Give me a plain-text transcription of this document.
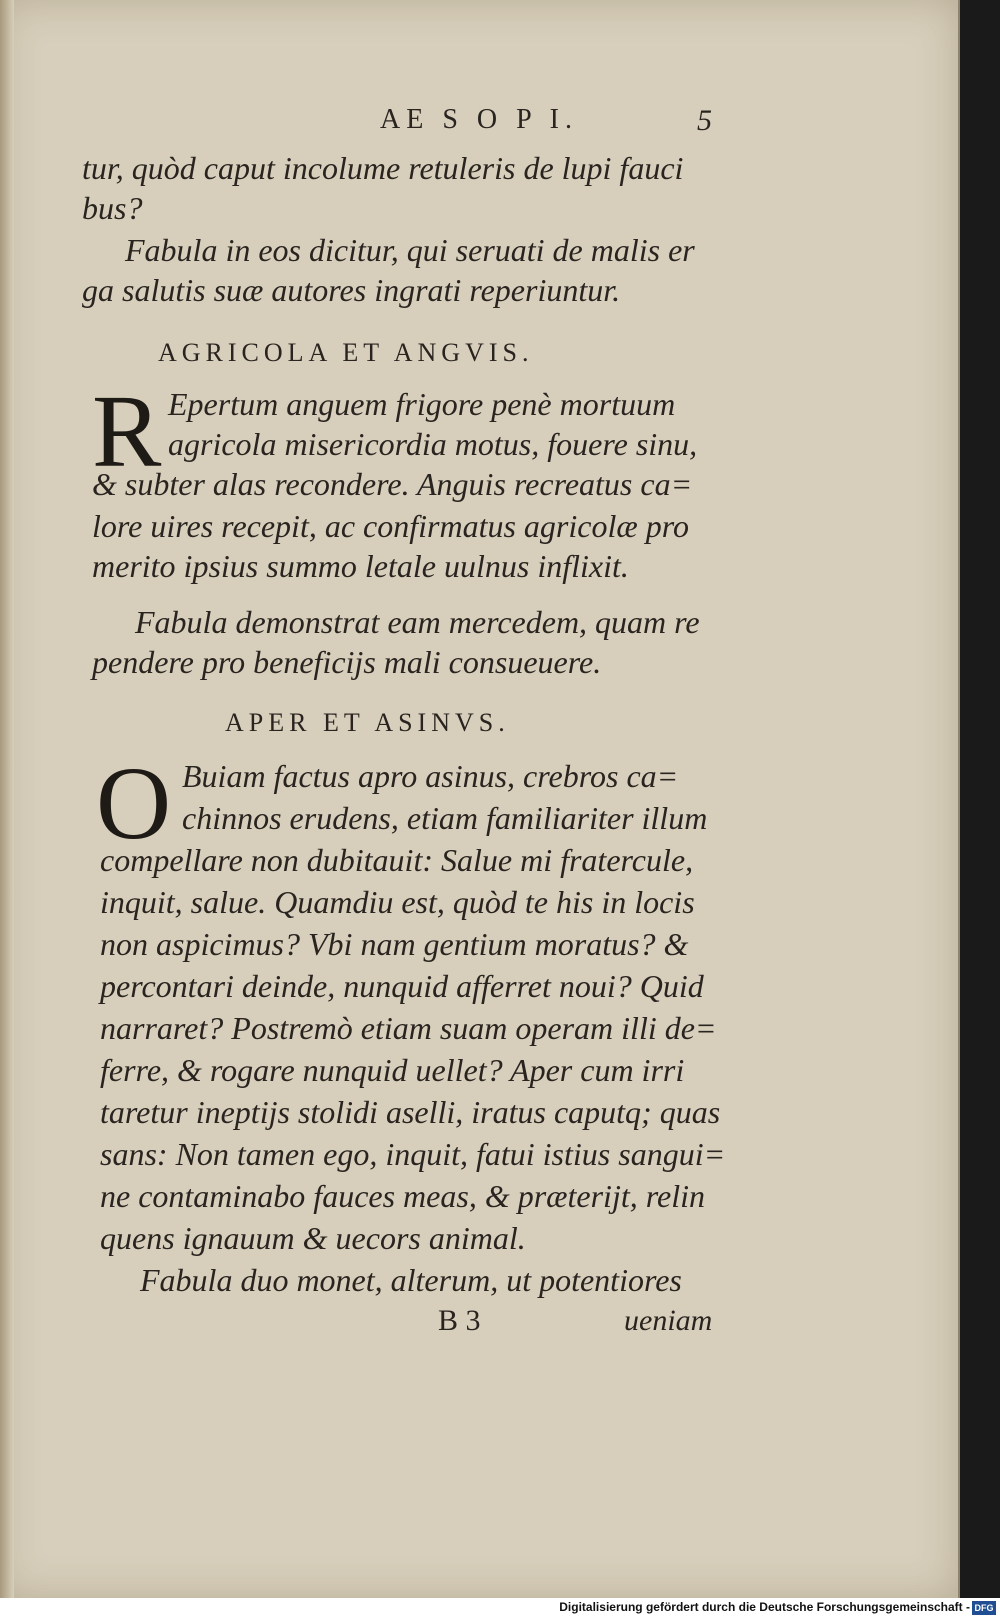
AE S O P I.	5
tur, quòd caput incolume retuleris de lupi fauci
bus?
Fabula in eos dicitur, qui seruati de malis er
ga salutis suæ autores ingrati reperiuntur.
AGRICOLA ET ANGVIS.
R Epertum anguem frigore penè mortuum
agricola misericordia motus, fouere sinu,
& subter alas recondere. Anguis recreatus ca=
lore uires recepit, ac confirmatus agricolæ pro
merito ipsius summo letale uulnus inflixit.
Fabula demonstrat eam mercedem, quam re
pendere pro beneficijs mali consueuere.
APER ET ASINVS.
O Buiam factus apro asinus, crebros ca=
chinnos erudens, etiam familiariter illum
compellare non dubitauit: Salue mi fratercule,
inquit, salue. Quamdiu est, quòd te his in locis
non aspicimus? Vbi nam gentium moratus? &
percontari deinde, nunquid afferret noui? Quid
narraret? Postremò etiam suam operam illi de=
ferre, & rogare nunquid uellet? Aper cum irri
taretur ineptijs stolidi aselli, iratus caputq; quas
sans: Non tamen ego, inquit, fatui istius sangui=
ne contaminabo fauces meas, & præterijt, relin
quens ignauum & uecors animal.
Fabula duo monet, alterum, ut potentiores
B 3	ueniam
Digitalisierung gefördert durch die Deutsche Forschungsgemeinschaft - DFG
